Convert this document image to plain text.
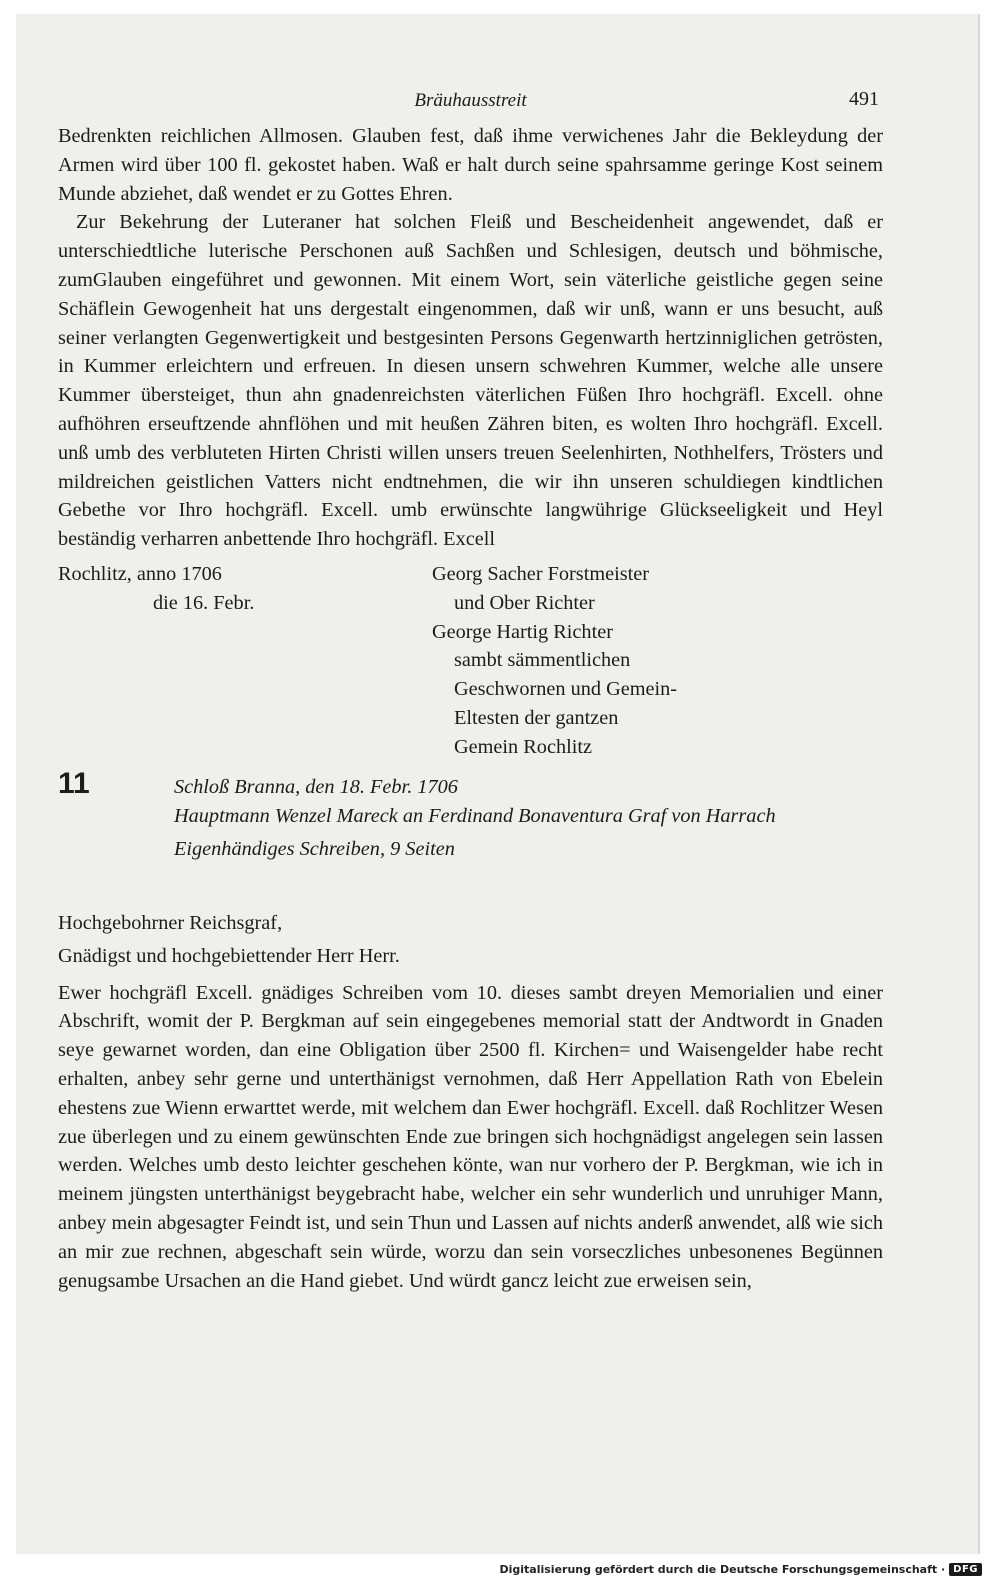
Bräuhausstreit	491

Bedrenkten reichlichen Allmosen. Glauben fest, daß ihme verwichenes Jahr die Bekleydung der Armen wird über 100 fl. gekostet haben. Waß er halt durch seine spahrsamme geringe Kost seinem Munde abziehet, daß wendet er zu Gottes Ehren.

Zur Bekehrung der Luteraner hat solchen Fleiß und Bescheidenheit angewendet, daß er unterschiedtliche luterische Perschonen auß Sachßen und Schlesigen, deutsch und böhmische, zumGlauben eingeführet und gewonnen. Mit einem Wort, sein väterliche geistliche gegen seine Schäflein Gewogenheit hat uns dergestalt eingenommen, daß wir unß, wann er uns besucht, auß seiner verlangten Gegenwertigkeit und bestgesinten Persons Gegenwarth hertzinniglichen getrösten, in Kummer erleichtern und erfreuen. In diesen unsern schwehren Kummer, welche alle unsere Kummer übersteiget, thun ahn gnadenreichsten väterlichen Füßen Ihro hochgräfl. Excell. ohne aufhöhren erseuftzende ahnflöhen und mit heußen Zähren biten, es wolten Ihro hochgräfl. Excell. unß umb des verbluteten Hirten Christi willen unsers treuen Seelenhirten, Nothhelfers, Trösters und mildreichen geistlichen Vatters nicht endtnehmen, die wir ihn unseren schuldiegen kindtlichen Gebethe vor Ihro hochgräfl. Excell. umb erwünschte langwührige Glückseeligkeit und Heyl beständig verharren anbettende Ihro hochgräfl. Excell

Rochlitz, anno 1706
die 16. Febr.
Georg Sacher Forstmeister
und Ober Richter
George Hartig Richter
sambt sämmentlichen
Geschwornen und Gemein-
Eltesten der gantzen
Gemein Rochlitz
11	Schloß Branna, den 18. Febr. 1706
Hauptmann Wenzel Mareck an Ferdinand Bonaventura Graf von Harrach
Eigenhändiges Schreiben, 9 Seiten
Hochgebohrner Reichsgraf,
Gnädigst und hochgebiettender Herr Herr.

Ewer hochgräfl Excell. gnädiges Schreiben vom 10. dieses sambt dreyen Memorialien und einer Abschrift, womit der P. Bergkman auf sein eingegebenes memorial statt der Andtwordt in Gnaden seye gewarnet worden, dan eine Obligation über 2500 fl. Kirchen= und Waisengelder habe recht erhalten, anbey sehr gerne und unterthänigst vernohmen, daß Herr Appellation Rath von Ebelein ehestens zue Wienn erwarttet werde, mit welchem dan Ewer hochgräfl. Excell. daß Rochlitzer Wesen zue überlegen und zu einem gewünschten Ende zue bringen sich hochgnädigst angelegen sein lassen werden. Welches umb desto leichter geschehen könte, wan nur vorhero der P. Bergkman, wie ich in meinem jüngsten unterthänigst beygebracht habe, welcher ein sehr wunderlich und unruhiger Mann, anbey mein abgesagter Feindt ist, und sein Thun und Lassen auf nichts anderß anwendet, alß wie sich an mir zue rechnen, abgeschaft sein würde, worzu dan sein vorseczliches unbesonenes Begünnen genugsambe Ursachen an die Hand giebet. Und würdt gancz leicht zue erweisen sein,

Digitalisierung gefördert durch die Deutsche Forschungsgemeinschaft · DFG
